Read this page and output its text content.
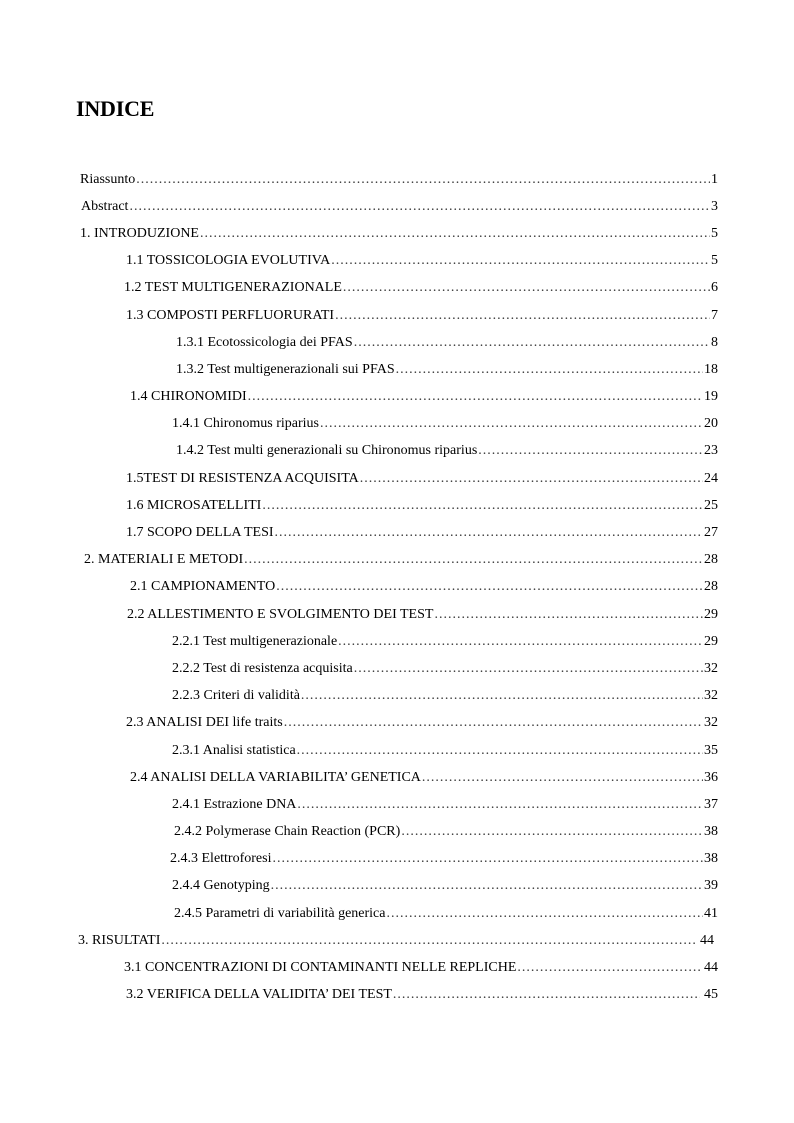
INDICE
Riassunto .....	1
Abstract .....	3
1. INTRODUZIONE .....	5
1.1 TOSSICOLOGIA EVOLUTIVA .....	5
1.2 TEST MULTIGENERAZIONALE .....	6
1.3 COMPOSTI PERFLUORURATI .....	7
1.3.1 Ecotossicologia dei PFAS .....	8
1.3.2 Test multigenerazionali sui PFAS .....	18
1.4 CHIRONOMIDI .....	19
1.4.1 Chironomus riparius .....	20
1.4.2 Test multi generazionali su Chironomus riparius .....	23
1.5TEST DI RESISTENZA ACQUISITA .....	24
1.6 MICROSATELLITI .....	25
1.7 SCOPO DELLA TESI .....	27
2. MATERIALI E METODI .....	28
2.1 CAMPIONAMENTO .....	28
2.2 ALLESTIMENTO E SVOLGIMENTO DEI TEST .....	29
2.2.1 Test multigenerazionale .....	29
2.2.2 Test di resistenza acquisita .....	32
2.2.3 Criteri di validità .....	32
2.3 ANALISI DEI life traits .....	32
2.3.1 Analisi statistica .....	35
2.4 ANALISI DELLA VARIABILITA’ GENETICA .....	36
2.4.1 Estrazione DNA .....	37
2.4.2 Polymerase Chain Reaction (PCR) .....	38
2.4.3 Elettroforesi .....	38
2.4.4 Genotyping .....	39
2.4.5 Parametri di variabilità generica .....	41
3. RISULTATI .....	44
3.1 CONCENTRAZIONI DI CONTAMINANTI NELLE REPLICHE .....	44
3.2 VERIFICA DELLA VALIDITA’ DEI TEST .....	45
